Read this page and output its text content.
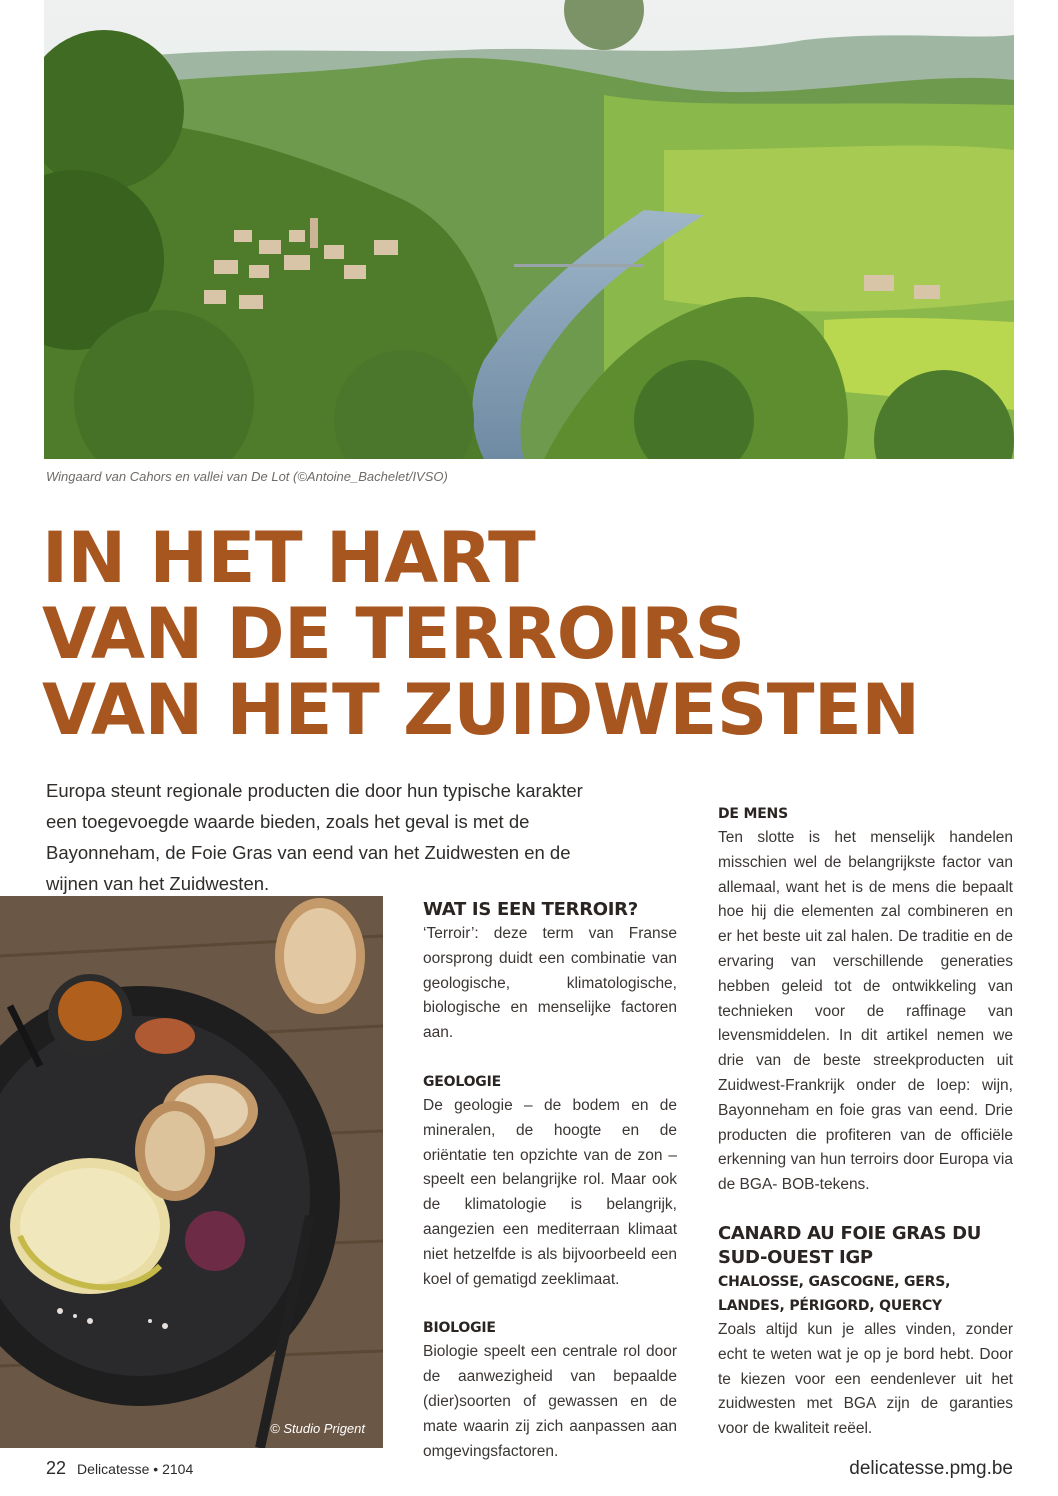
Wingaard van Cahors en vallei van De Lot (©Antoine_Bachelet/IVSO)
IN HET HART
VAN DE TERROIRS
VAN HET ZUIDWESTEN

Europa steunt regionale producten die door hun typische karakter een toegevoegde waarde bieden, zoals het geval is met de Bayonneham, de Foie Gras van eend van het Zuidwesten en de wijnen van het Zuidwesten.

© Studio Prigent
WAT IS EEN TERROIR?

‘Terroir’: deze term van Franse oorsprong duidt een combinatie van geologische, klimatologische, biologische en menselijke factoren aan.

GEOLOGIE

De geologie – de bodem en de mineralen, de hoogte en de oriëntatie ten opzichte van de zon – speelt een belangrijke rol. Maar ook de klimatologie is belangrijk, aangezien een mediterraan klimaat niet hetzelfde is als bijvoorbeeld een koel of gematigd zeeklimaat.

BIOLOGIE

Biologie speelt een centrale rol door de aanwezigheid van bepaalde (dier)soorten of gewassen en de mate waarin zij zich aanpassen aan omgevingsfactoren.

DE MENS

Ten slotte is het menselijk handelen misschien wel de belangrijkste factor van allemaal, want het is de mens die bepaalt hoe hij die elementen zal combineren en er het beste uit zal halen. De traditie en de ervaring van verschillende generaties hebben geleid tot de ontwikkeling van technieken voor de raffinage van levensmiddelen. In dit artikel nemen we drie van de beste streekproducten uit Zuidwest-Frankrijk onder de loep: wijn, Bayonneham en foie gras van eend. Drie producten die profiteren van de officiële erkenning van hun terroirs door Europa via de BGA- BOB-tekens.

CANARD AU FOIE GRAS DU SUD-OUEST IGP
CHALOSSE, GASCOGNE, GERS, LANDES, PÉRIGORD, QUERCY

Zoals altijd kun je alles vinden, zonder echt te weten wat je op je bord hebt. Door te kiezen voor een eendenlever uit het zuidwesten met BGA zijn de garanties voor de kwaliteit reëel.

22 Delicatesse • 2104	delicatesse.pmg.be
